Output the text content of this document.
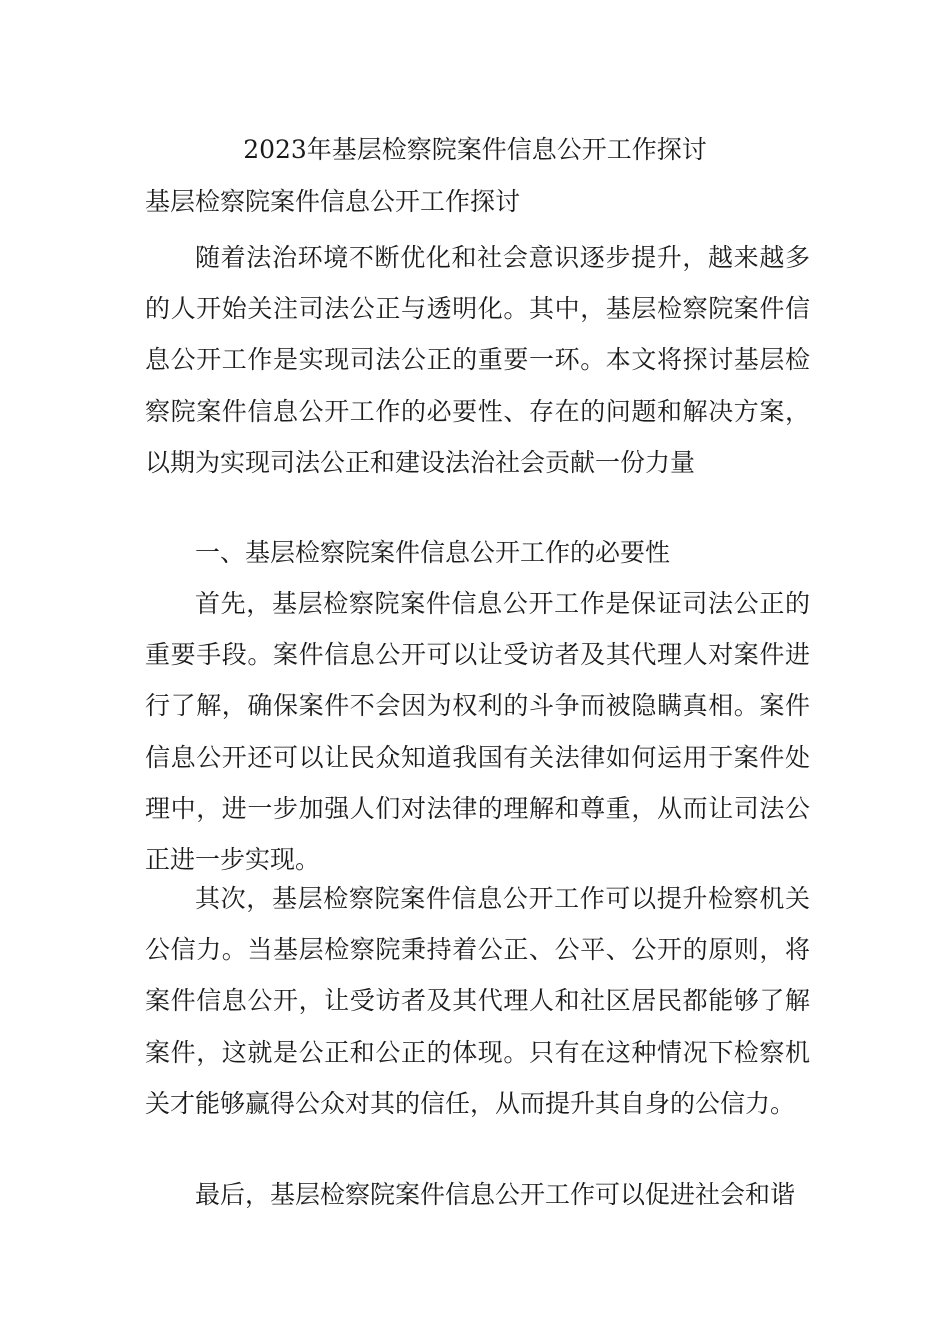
2023年基层检察院案件信息公开工作探讨
基层检察院案件信息公开工作探讨

随着法治环境不断优化和社会意识逐步提升，越来越多的人开始关注司法公正与透明化。其中，基层检察院案件信息公开工作是实现司法公正的重要一环。本文将探讨基层检察院案件信息公开工作的必要性、存在的问题和解决方案，以期为实现司法公正和建设法治社会贡献一份力量

一、基层检察院案件信息公开工作的必要性

首先，基层检察院案件信息公开工作是保证司法公正的重要手段。案件信息公开可以让受访者及其代理人对案件进行了解，确保案件不会因为权利的斗争而被隐瞒真相。案件信息公开还可以让民众知道我国有关法律如何运用于案件处理中，进一步加强人们对法律的理解和尊重，从而让司法公正进一步实现。

其次，基层检察院案件信息公开工作可以提升检察机关公信力。当基层检察院秉持着公正、公平、公开的原则，将案件信息公开，让受访者及其代理人和社区居民都能够了解案件，这就是公正和公正的体现。只有在这种情况下检察机关才能够赢得公众对其的信任，从而提升其自身的公信力。

最后，基层检察院案件信息公开工作可以促进社会和谐
